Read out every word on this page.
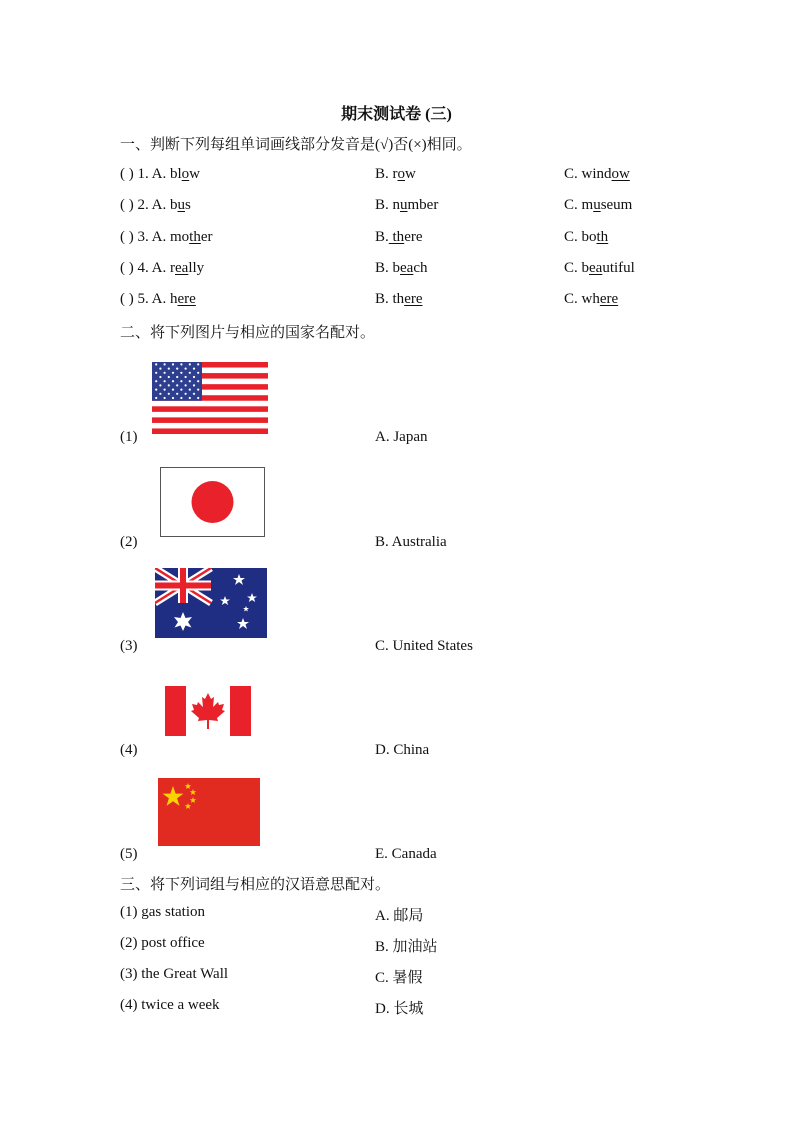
期末测试卷 (三)
一、判断下列每组单词画线部分发音是(√)否(×)相同。
( ) 1. A. blow	B. row	C. window
( ) 2. A. bus	B. number	C. museum
( ) 3. A. mother	B. there	C. both
( ) 4. A. really	B. beach	C. beautiful
( ) 5. A. here	B. there	C. where
二、将下列图片与相应的国家名配对。
(1)	A. Japan
(2)	B. Australia
(3)	C. United States
(4)	D. China
(5)	E. Canada
三、将下列词组与相应的汉语意思配对。
(1) gas station	A. 邮局
(2) post office	B. 加油站
(3) the Great Wall	C. 暑假
(4) twice a week	D. 长城
